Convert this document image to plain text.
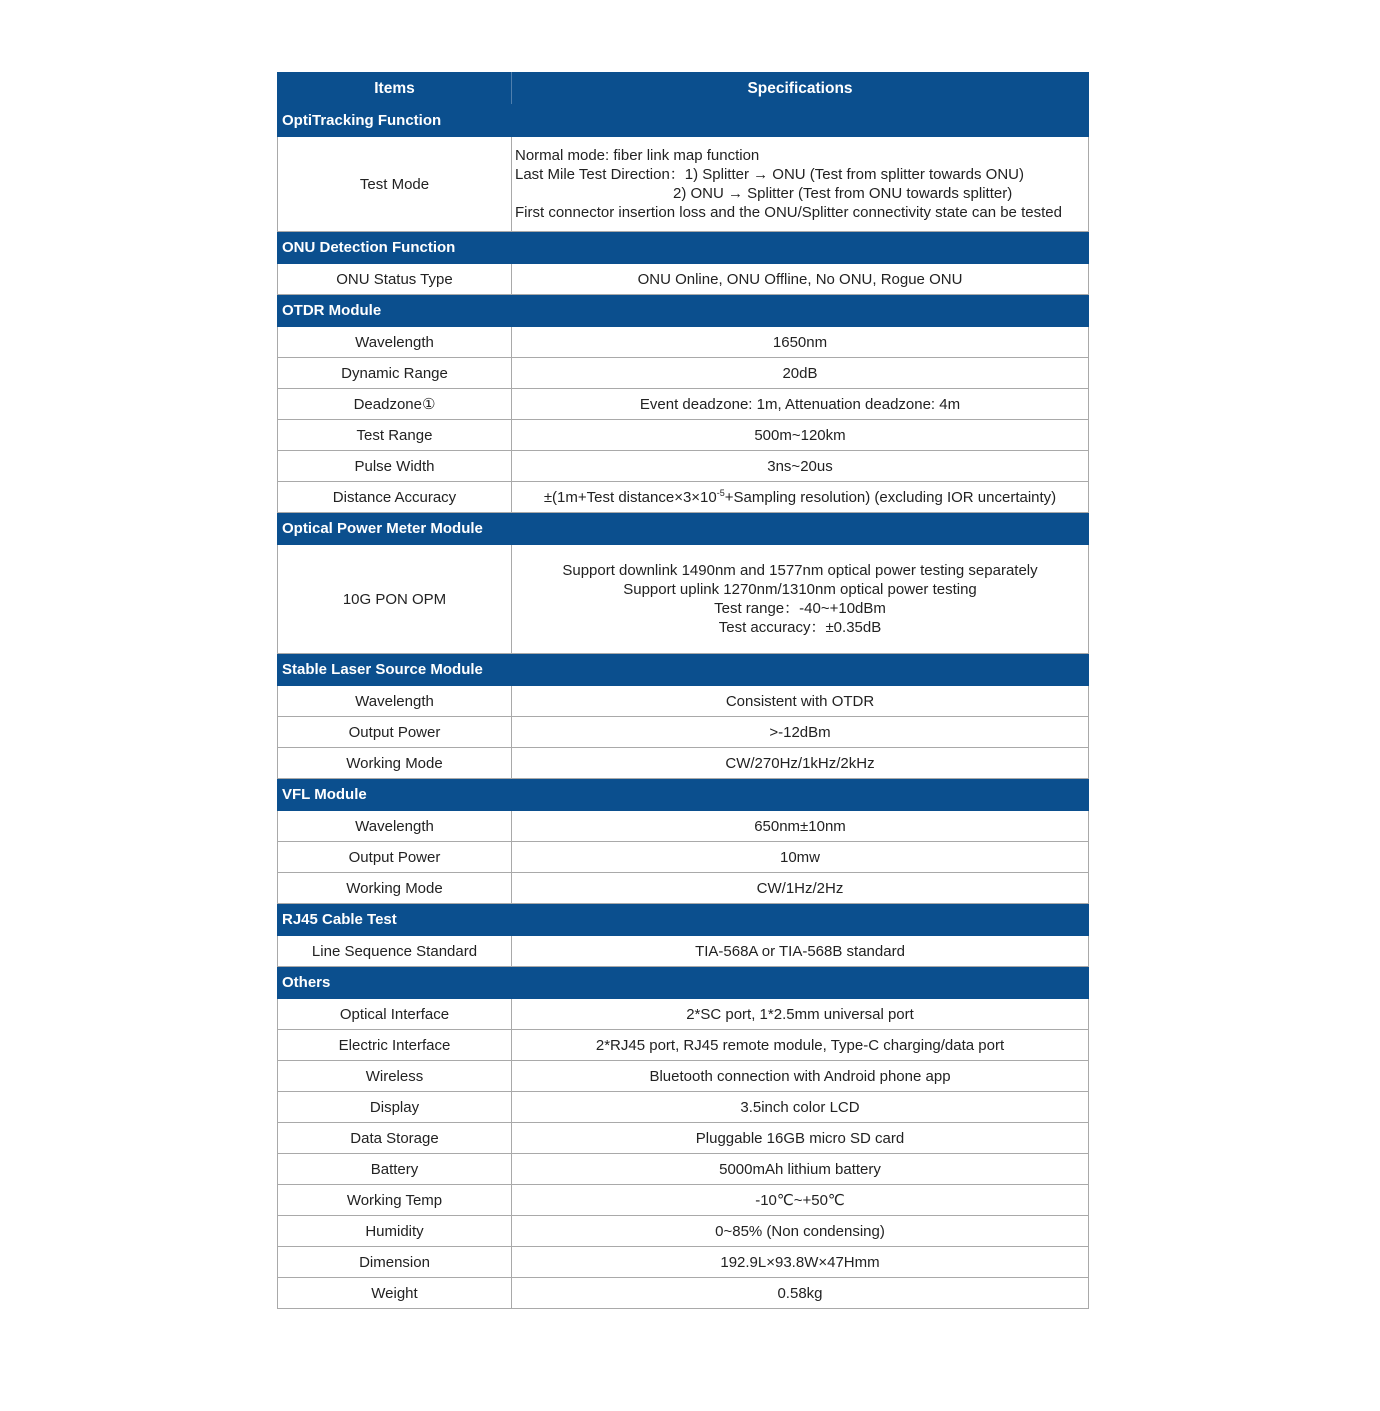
Items	Specifications
OptiTracking Function	
Test Mode	Normal mode: fiber link map function
Last Mile Test Direction：1) Splitter → ONU (Test from splitter towards ONU)
2) ONU → Splitter (Test from ONU towards splitter)
First connector insertion loss and the ONU/Splitter connectivity state can be tested

ONU Detection Function	
ONU Status Type	ONU Online, ONU Offline, No ONU, Rogue ONU
OTDR Module	
Wavelength	1650nm
Dynamic Range	20dB
Deadzone①	Event deadzone: 1m, Attenuation deadzone: 4m
Test Range	500m~120km
Pulse Width	3ns~20us
Distance Accuracy	±(1m+Test $distance\times 3\times 10^{-5}+Sampling$ resolution) (excluding IOR uncertainty)
Optical Power Meter Module	
10G PON OPM	Support downlink 1490nm and 1577nm optical power testing separately
Support uplink 1270nm/1310nm optical power testing
Test range：-40~+10dBm
Test accuracy：±0.35dB

Stable Laser Source Module	
Wavelength	Consistent with OTDR
Output Power	>-12dBm
Working Mode	CW/270Hz/1kHz/2kHz
VFL Module	
Wavelength	650nm±10nm
Output Power	10mw
Working Mode	CW/1Hz/2Hz
RJ45 Cable Test	
Line Sequence Standard	TIA-568A or TIA-568B standard
Others	
Optical Interface	2*SC port, 1*2.5mm universal port
Electric Interface	2*RJ45 port, RJ45 remote module, Type-C charging/data port
Wireless	Bluetooth connection with Android phone app
Display	3.5inch color LCD
Data Storage	Pluggable 16GB micro SD card
Battery	5000mAh lithium battery
Working Temp	-10℃~+50℃
Humidity	0~85% (Non condensing)
Dimension	192.9L×93.8W×47Hmm
Weight	0.58kg
